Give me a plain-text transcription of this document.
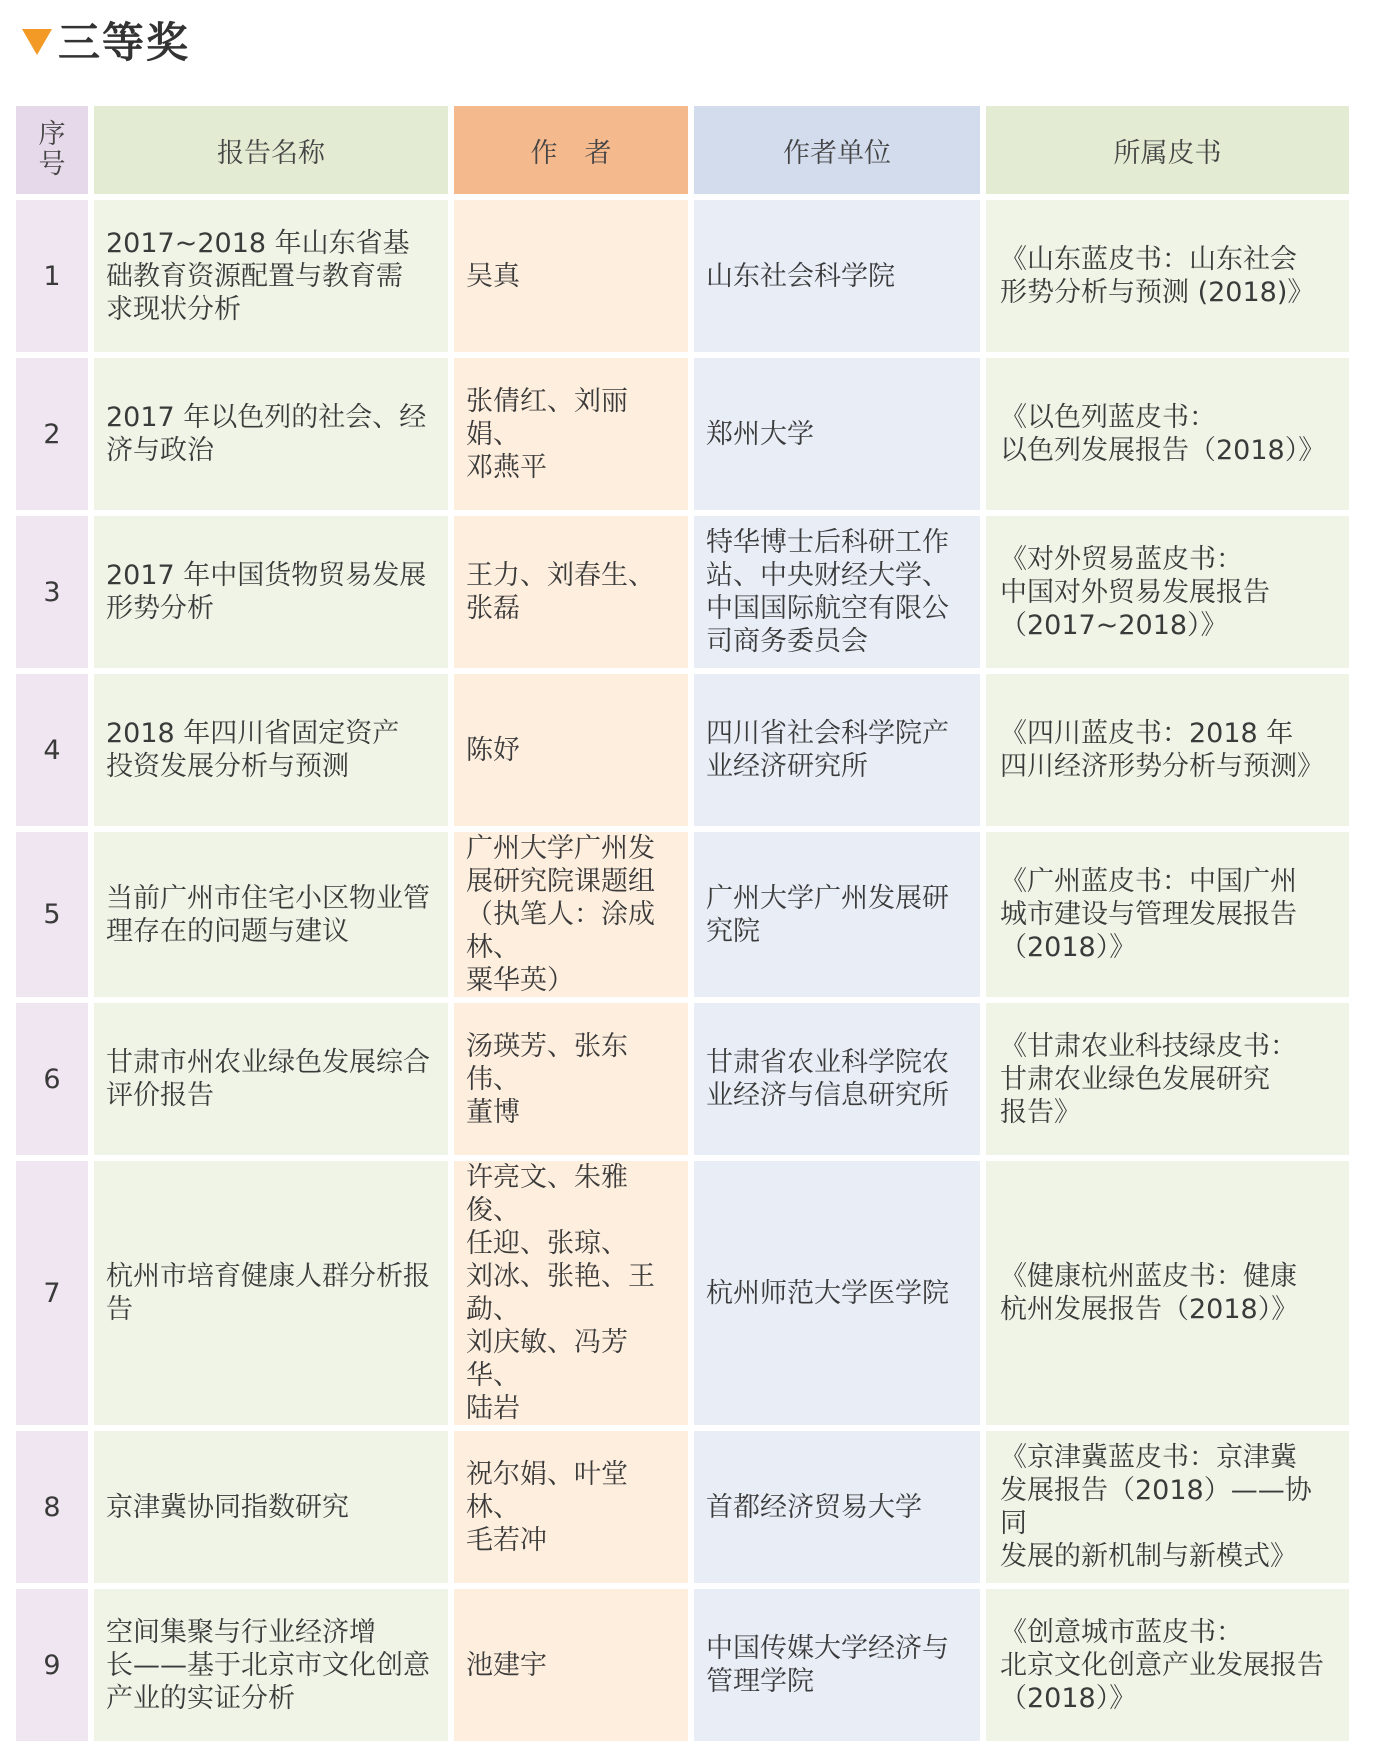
三等奖
序
号	报告名称	作　者	作者单位	所属皮书
1	2017~2018 年山东省基
础教育资源配置与教育需
求现状分析	吴真	山东社会科学院	《山东蓝皮书：山东社会
形势分析与预测 (2018)》

2	2017 年以色列的社会、经
济与政治	张倩红、刘丽娟、
邓燕平	郑州大学	《以色列蓝皮书：
以色列发展报告（2018）》

3	2017 年中国货物贸易发展
形势分析	王力、刘春生、
张磊	特华博士后科研工作
站、中央财经大学、
中国国际航空有限公
司商务委员会	《对外贸易蓝皮书：
中国对外贸易发展报告
（2017~2018）》

4	2018 年四川省固定资产
投资发展分析与预测	陈妤	四川省社会科学院产
业经济研究所	《四川蓝皮书：2018 年
四川经济形势分析与预测》

5	当前广州市住宅小区物业管
理存在的问题与建议	广州大学广州发
展研究院课题组
（执笔人：涂成林、
粟华英）	广州大学广州发展研
究院	《广州蓝皮书：中国广州
城市建设与管理发展报告
（2018）》

6	甘肃市州农业绿色发展综合
评价报告	汤瑛芳、张东伟、
董博	甘肃省农业科学院农
业经济与信息研究所	《甘肃农业科技绿皮书：
甘肃农业绿色发展研究
报告》

7	杭州市培育健康人群分析报
告	许亮文、朱雅俊、
任迎、张琼、
刘冰、张艳、王勐、
刘庆敏、冯芳华、
陆岩	杭州师范大学医学院	《健康杭州蓝皮书：健康
杭州发展报告（2018）》

8	京津冀协同指数研究	祝尔娟、叶堂林、
毛若冲	首都经济贸易大学	《京津冀蓝皮书：京津冀
发展报告（2018）——协同
发展的新机制与新模式》

9	空间集聚与行业经济增
长——基于北京市文化创意
产业的实证分析	池建宇	中国传媒大学经济与
管理学院	《创意城市蓝皮书：
北京文化创意产业发展报告
（2018）》
